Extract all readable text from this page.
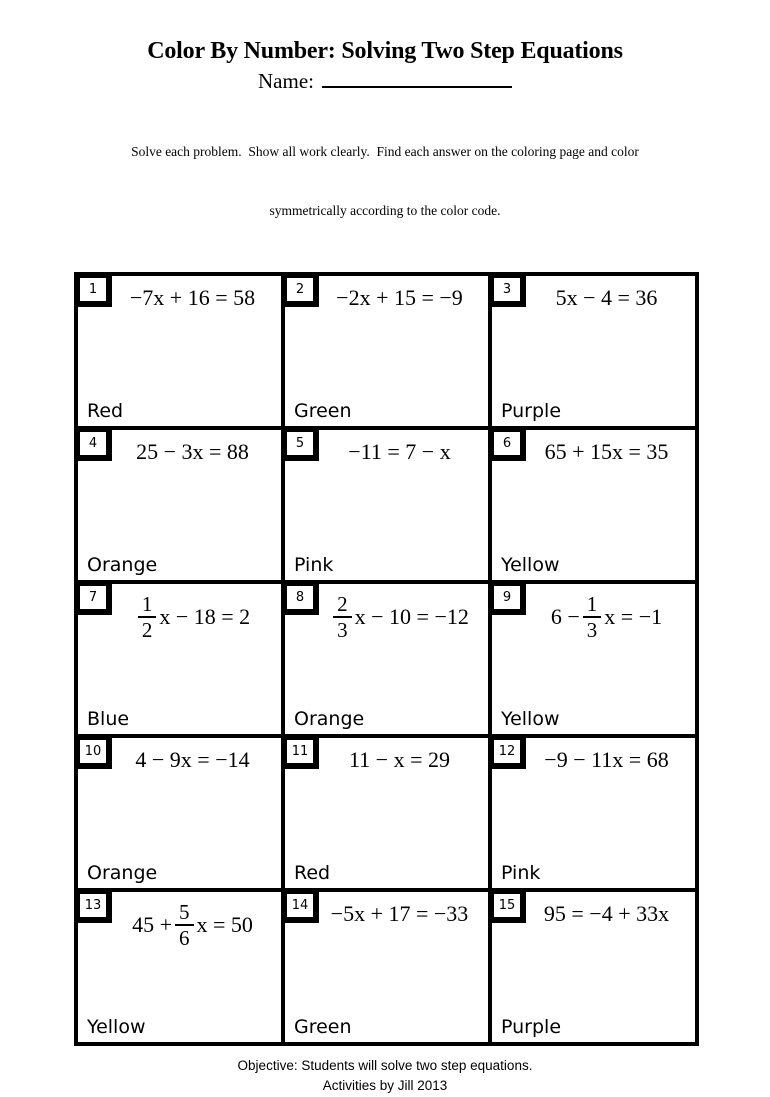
Color By Number: Solving Two Step Equations
Name:

Solve each problem.  Show all work clearly.  Find each answer on the coloring page and color

symmetrically according to the color code.

1 −7x + 16 = 58
Red
2 −2x + 15 = −9
Green
3 5x − 4 = 36
Purple
4 25 − 3x = 88
Orange
5 −11 = 7 − x
Pink
6 65 + 15x = 35
Yellow
$7 \frac{1}{2}$ x − 18 = 2
Blue
$8 \frac{2}{3}$ x − 10 = −12
Orange
9
$6 - \frac{1}{3}$ x = −1
Yellow
10 4 − 9x = −14
Orange
11 11 − x = 29
Red
12 −9 − 11x = 68
Pink
13
$45 + \frac{5}{6}$ x = 50
Yellow
14 −5x + 17 = −33
Green
15 95 = −4 + 33x
Purple
Objective: Students will solve two step equations.
Activities by Jill 2013
